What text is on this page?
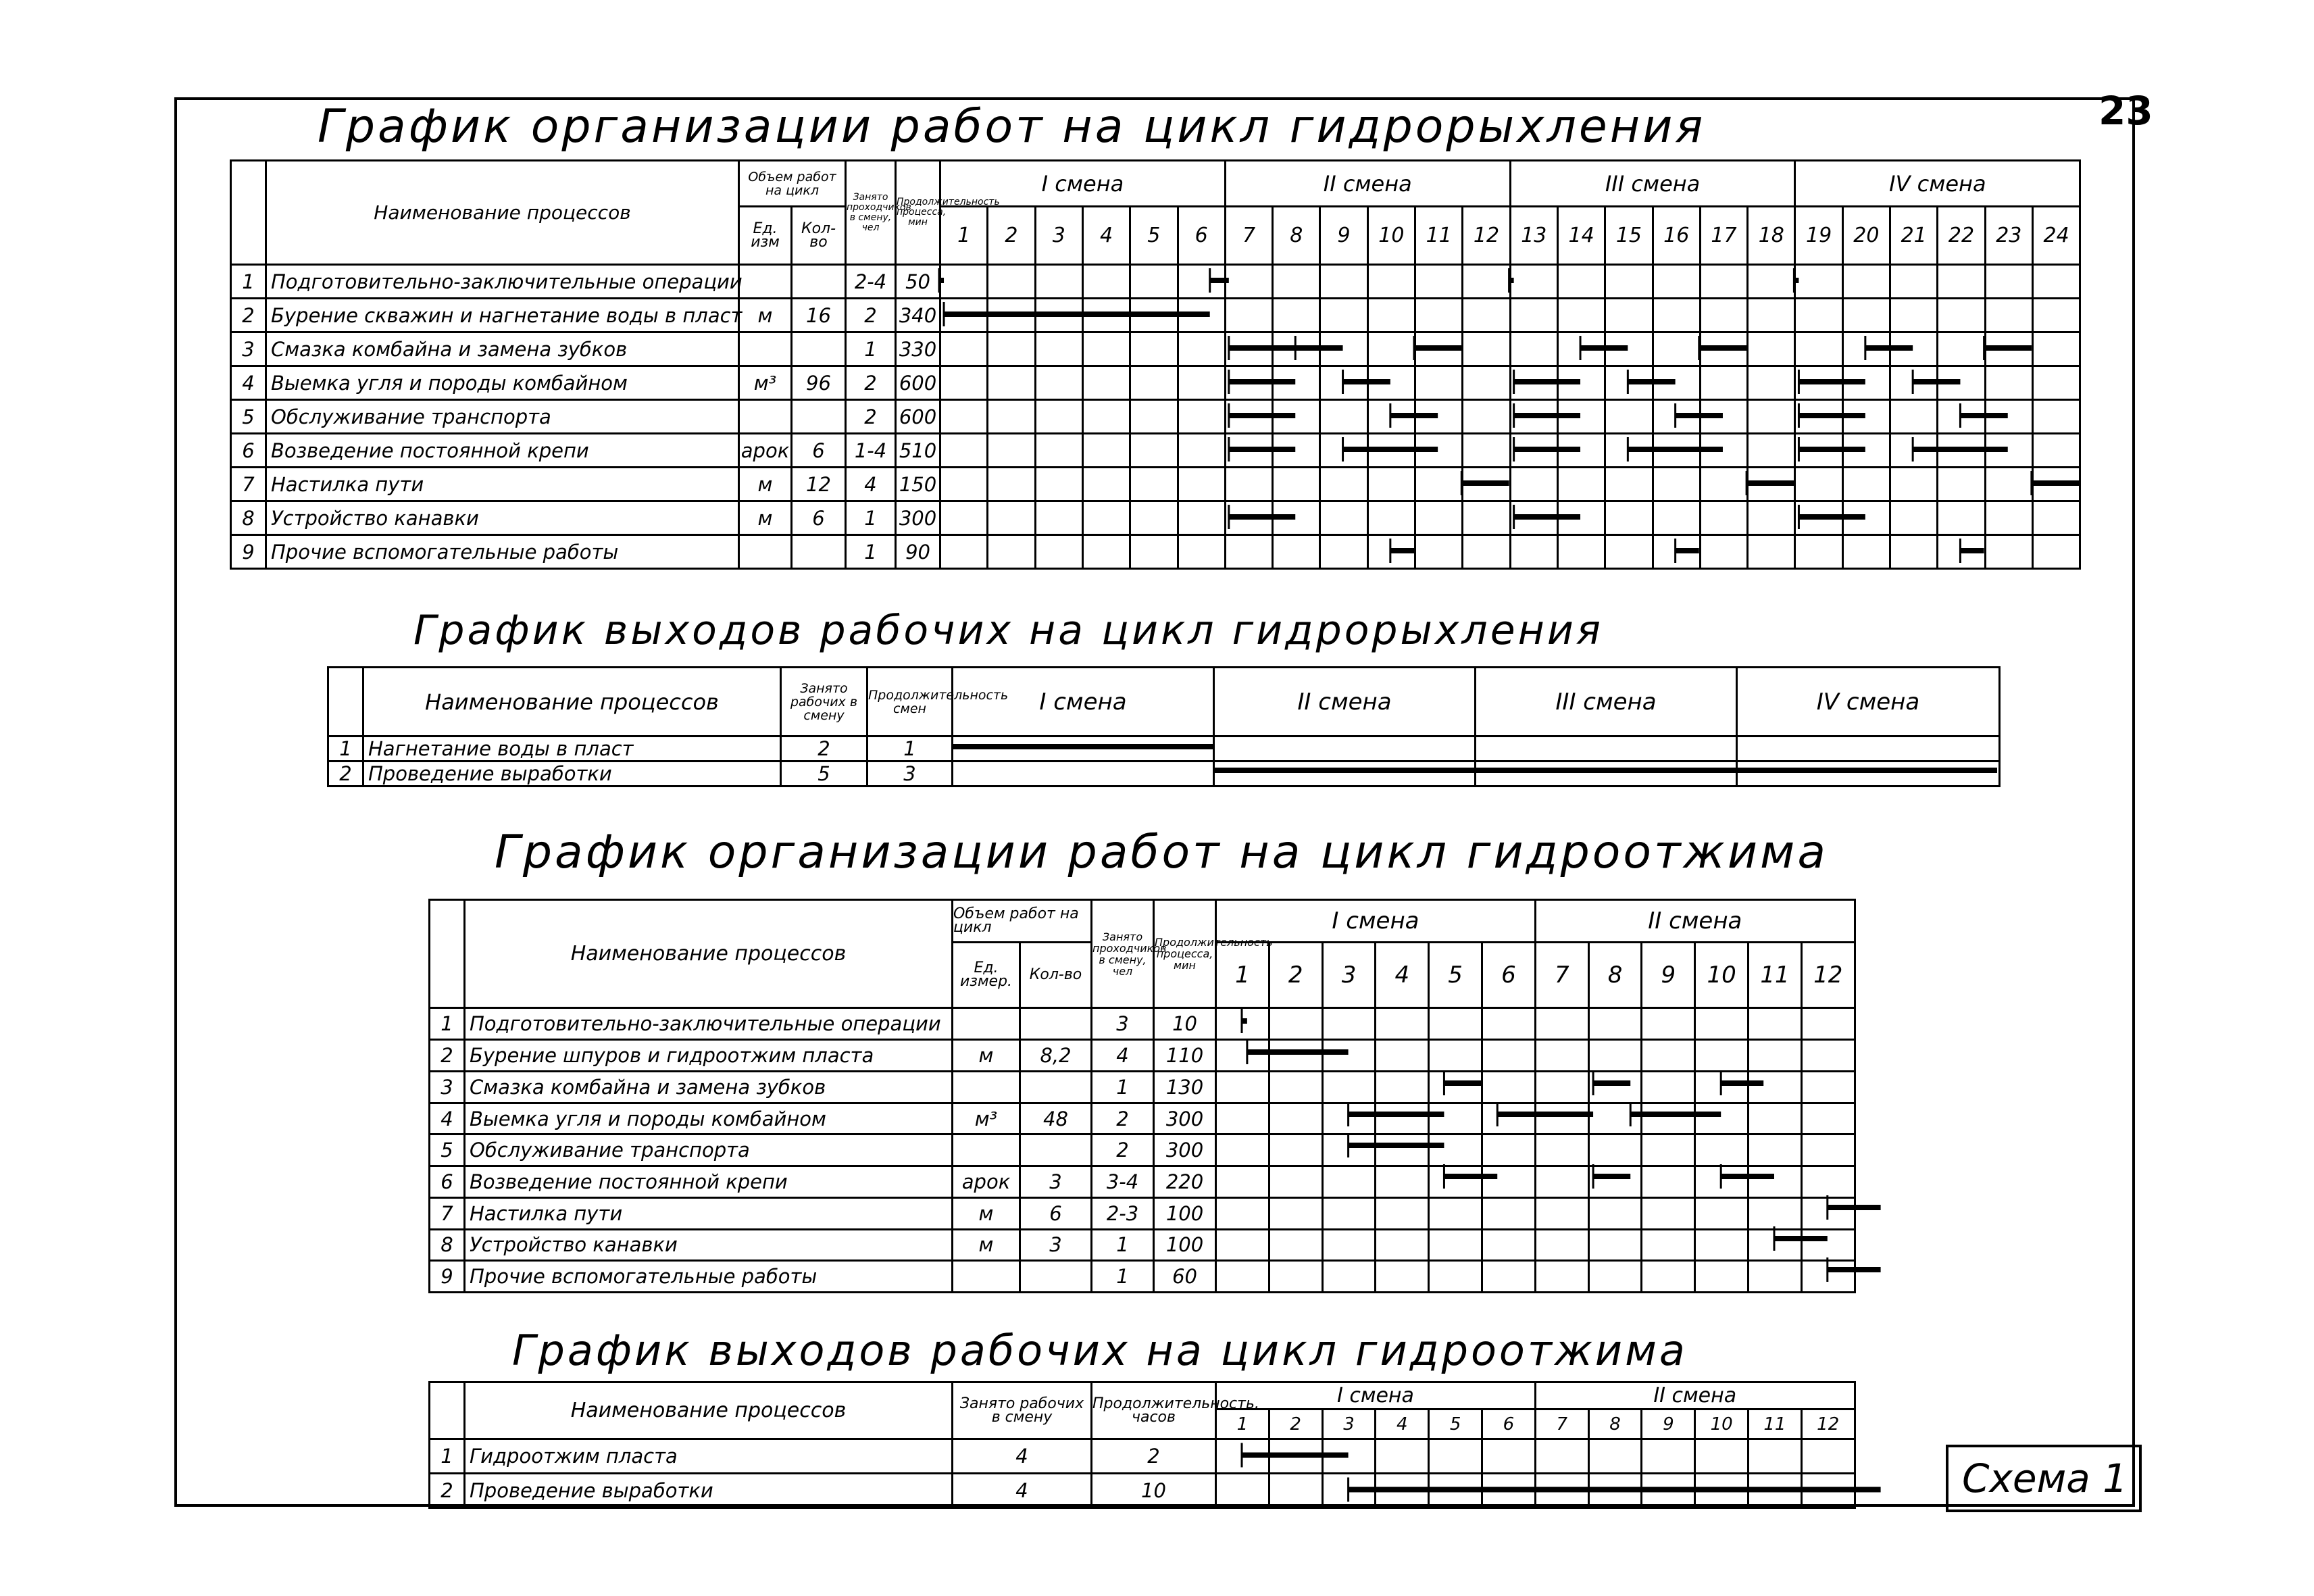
23
График организации работ на цикл гидрорыхления
	Наименование процессов	Объем работ на цикл		Занято проходчиков в смену, чел	Продолжительность процесса, мин	I смена						II смена						III смена						IV смена					
		Ед. изм	Кол-во			1	2	3	4	5	6	7	8	9	10	11	12	13	14	15	16	17	18	19	20	21	22	23	24
1	Подготовительно-заключительные операции			2-4	50																								
2	Бурение скважин и нагнетание воды в пласт	м	16	2	340																								
3	Смазка комбайна и замена зубков			1	330																								
4	Выемка угля и породы комбайном	м³	96	2	600																								
5	Обслуживание транспорта			2	600																								
6	Возведение постоянной крепи	арок	6	1-4	510																								
7	Настилка пути	м	12	4	150																								
8	Устройство канавки	м	6	1	300																								
9	Прочие вспомогательные работы			1	90																								
График выходов рабочих на цикл гидрорыхления
	Наименование процессов	Занято рабочих в смену	Продолжительность смен	I смена	II смена	III смена	IV смена
1	Нагнетание воды в пласт	2	1				
2	Проведение выработки	5	3				
График организации работ на цикл гидроотжима
	Наименование процессов	Объем работ на цикл		Занято проходчиков в смену, чел	Продолжительность процесса, мин	I смена						II смена					
		Ед. измер.	Кол-во			1	2	3	4	5	6	7	8	9	10	11	12
1	Подготовительно-заключительные операции			3	10												
2	Бурение шпуров и гидроотжим пласта	м	8,2	4	110												
3	Смазка комбайна и замена зубков			1	130												
4	Выемка угля и породы комбайном	м³	48	2	300												
5	Обслуживание транспорта			2	300												
6	Возведение постоянной крепи	арок	3	3-4	220												
7	Настилка пути	м	6	2-3	100												
8	Устройство канавки	м	3	1	100												
9	Прочие вспомогательные работы			1	60												
График выходов рабочих на цикл гидроотжима
	Наименование процессов	Занято рабочих в смену	Продолжительность, часов	I смена						II смена					
				1	2	3	4	5	6	7	8	9	10	11	12
1	Гидроотжим пласта	4	2												
2	Проведение выработки	4	10													Схема 1
